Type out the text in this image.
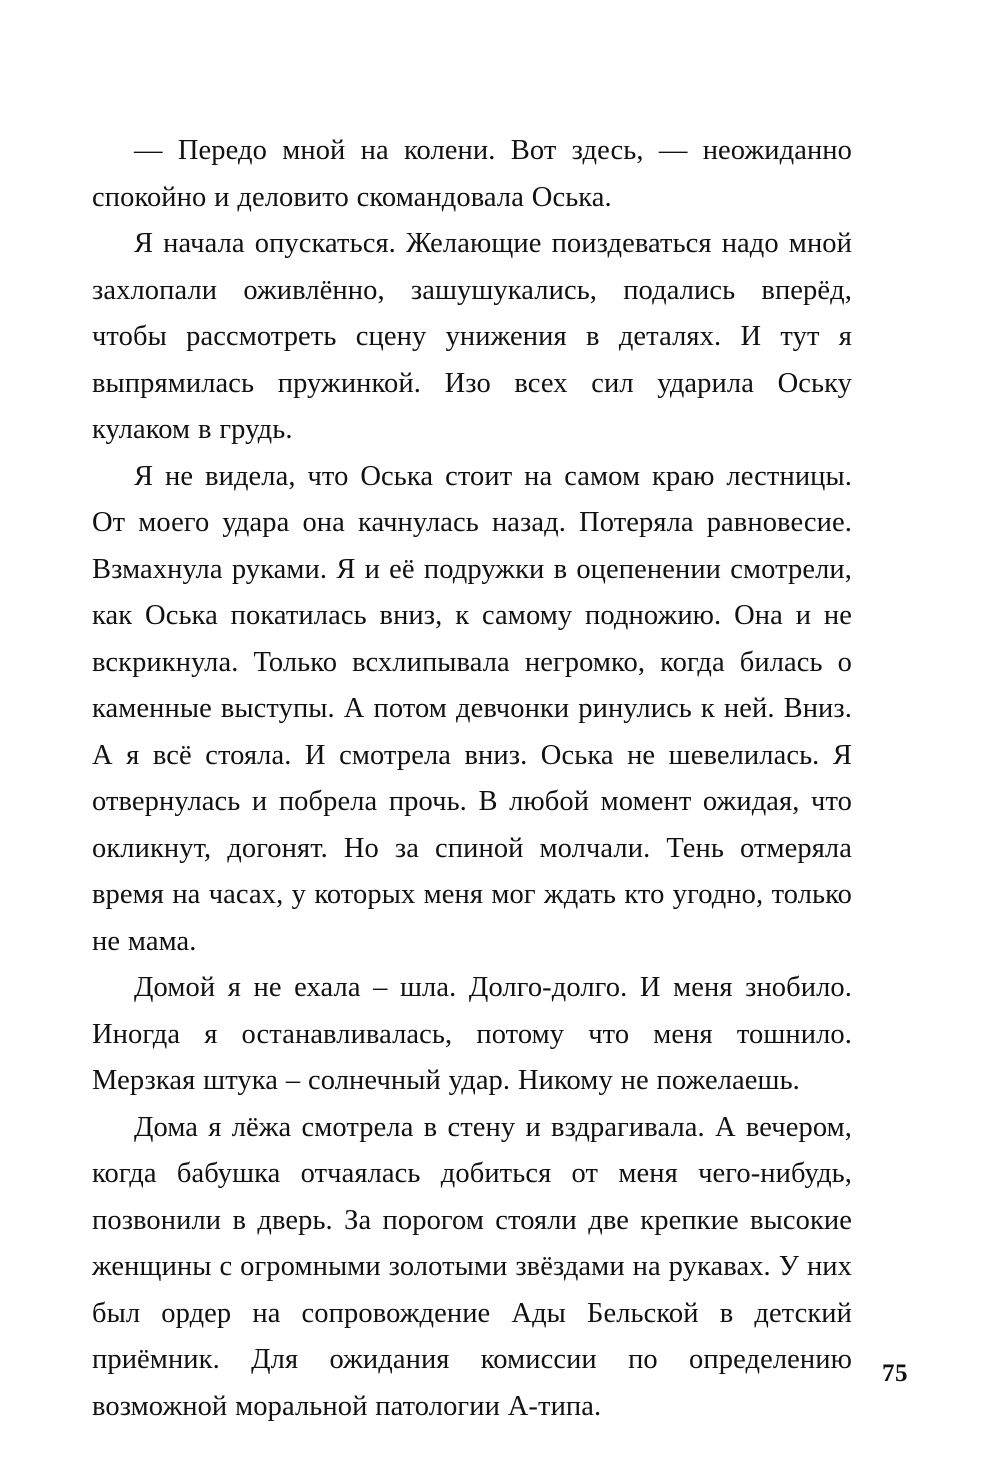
— Передо мной на колени. Вот здесь, — неожиданно спокойно и деловито скомандовала Оська.

Я начала опускаться. Желающие поиздеваться надо мной захлопали оживлённо, зашушукались, подались вперёд, чтобы рассмотреть сцену унижения в деталях. И тут я выпрямилась пружинкой. Изо всех сил ударила Оську кулаком в грудь.

Я не видела, что Оська стоит на самом краю лестницы. От моего удара она качнулась назад. Потеряла равновесие. Взмахнула руками. Я и её подружки в оцепенении смотрели, как Оська покатилась вниз, к самому подножию. Она и не вскрикнула. Только всхлипывала негромко, когда билась о каменные выступы. А потом девчонки ринулись к ней. Вниз. А я всё стояла. И смотрела вниз. Оська не шевелилась. Я отвернулась и побрела прочь. В любой момент ожидая, что окликнут, догонят. Но за спиной молчали. Тень отмеряла время на часах, у которых меня мог ждать кто угодно, только не мама.

Домой я не ехала – шла. Долго-долго. И меня знобило. Иногда я останавливалась, потому что меня тошнило. Мерзкая штука – солнечный удар. Никому не пожелаешь.

Дома я лёжа смотрела в стену и вздрагивала. А вечером, когда бабушка отчаялась добиться от меня чего-нибудь, позвонили в дверь. За порогом стояли две крепкие высокие женщины с огромными золотыми звёздами на рукавах. У них был ордер на сопровождение Ады Бельской в детский приёмник. Для ожидания комиссии по определению возможной моральной патологии А-типа.

75
